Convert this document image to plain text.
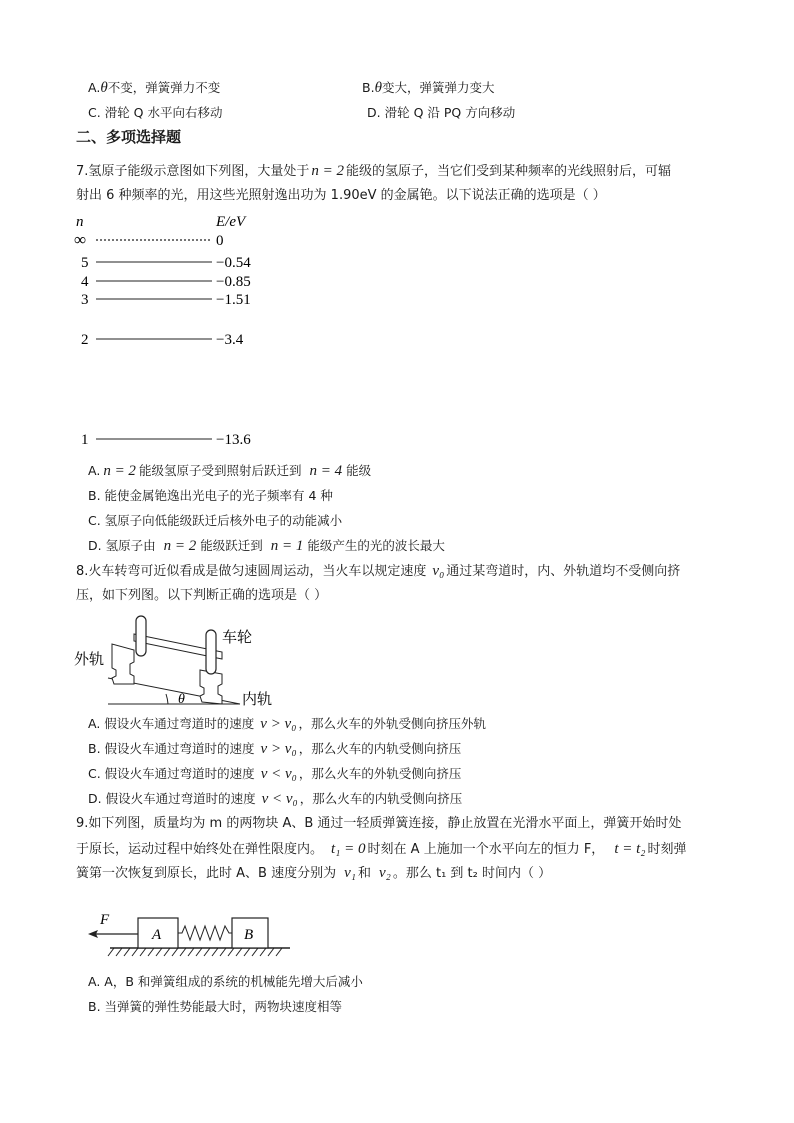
A.θ不变，弹簧弹力不变	B.θ变大，弹簧弹力变大
C. 滑轮 Q 水平向右移动	D. 滑轮 Q 沿 PQ 方向移动
二、多项选择题
7.氢原子能级示意图如下列图，大量处于 n = 2 能级的氢原子，当它们受到某种频率的光线照射后，可辐
射出 6 种频率的光，用这些光照射逸出功为 1.90eV 的金属铯。以下说法正确的选项是（ ）
n	E/eV
∞	0
5	−0.54
4	−0.85
3	−1.51
2	−3.4
1	−13.6
A. n = 2 能级氢原子受到照射后跃迁到 n = 4 能级
B. 能使金属铯逸出光电子的光子频率有 4 种
C. 氢原子向低能级跃迁后核外电子的动能减小
D. 氢原子由 n = 2 能级跃迁到 n = 1 能级产生的光的波长最大
8.火车转弯可近似看成是做匀速圆周运动，当火车以规定速度 v₀ 通过某弯道时，内、外轨道均不受侧向挤
压，如下列图。以下判断正确的选项是（ ）
θ
车轮
外轨
内轨
A. 假设火车通过弯道时的速度 v > v₀ ，那么火车的外轨受侧向挤压外轨
B. 假设火车通过弯道时的速度 v > v₀ ，那么火车的内轨受侧向挤压
C. 假设火车通过弯道时的速度 v < v₀ ，那么火车的外轨受侧向挤压
D. 假设火车通过弯道时的速度 v < v₀ ，那么火车的内轨受侧向挤压
9.如下列图，质量均为 m 的两物块 A、B 通过一轻质弹簧连接，静止放置在光滑水平面上，弹簧开始时处
于原长，运动过程中始终处在弹性限度内。 t₁ = 0 时刻在 A 上施加一个水平向左的恒力 F， t = t₂ 时刻弹
簧第一次恢复到原长，此时 A、B 速度分别为 v₁ 和 v₂ 。那么 t₁ 到 t₂ 时间内（ ）
F
A	B
A. A，B 和弹簧组成的系统的机械能先增大后减小
B. 当弹簧的弹性势能最大时，两物块速度相等
